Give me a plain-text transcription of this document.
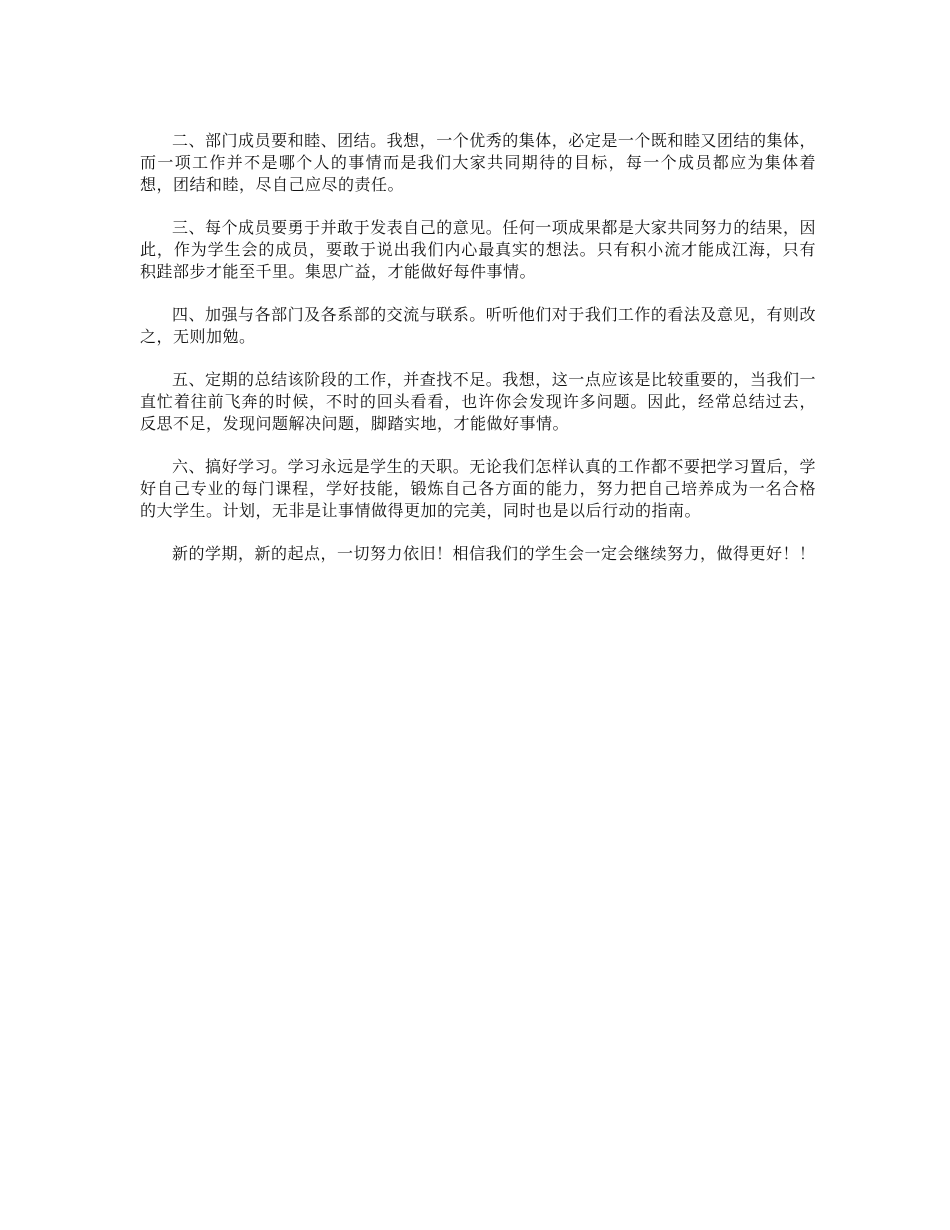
二、部门成员要和睦、团结。我想，一个优秀的集体，必定是一个既和睦又团结的集体，而一项工作并不是哪个人的事情而是我们大家共同期待的目标，每一个成员都应为集体着想，团结和睦，尽自己应尽的责任。

三、每个成员要勇于并敢于发表自己的意见。任何一项成果都是大家共同努力的结果，因此，作为学生会的成员，要敢于说出我们内心最真实的想法。只有积小流才能成江海，只有积跬部步才能至千里。集思广益，才能做好每件事情。

四、加强与各部门及各系部的交流与联系。听听他们对于我们工作的看法及意见，有则改之，无则加勉。

五、定期的总结该阶段的工作，并查找不足。我想，这一点应该是比较重要的，当我们一直忙着往前飞奔的时候，不时的回头看看，也许你会发现许多问题。因此，经常总结过去，反思不足，发现问题解决问题，脚踏实地，才能做好事情。

六、搞好学习。学习永远是学生的天职。无论我们怎样认真的工作都不要把学习置后，学好自己专业的每门课程，学好技能，锻炼自己各方面的能力，努力把自己培养成为一名合格的大学生。计划，无非是让事情做得更加的完美，同时也是以后行动的指南。

新的学期，新的起点，一切努力依旧！相信我们的学生会一定会继续努力，做得更好！！
